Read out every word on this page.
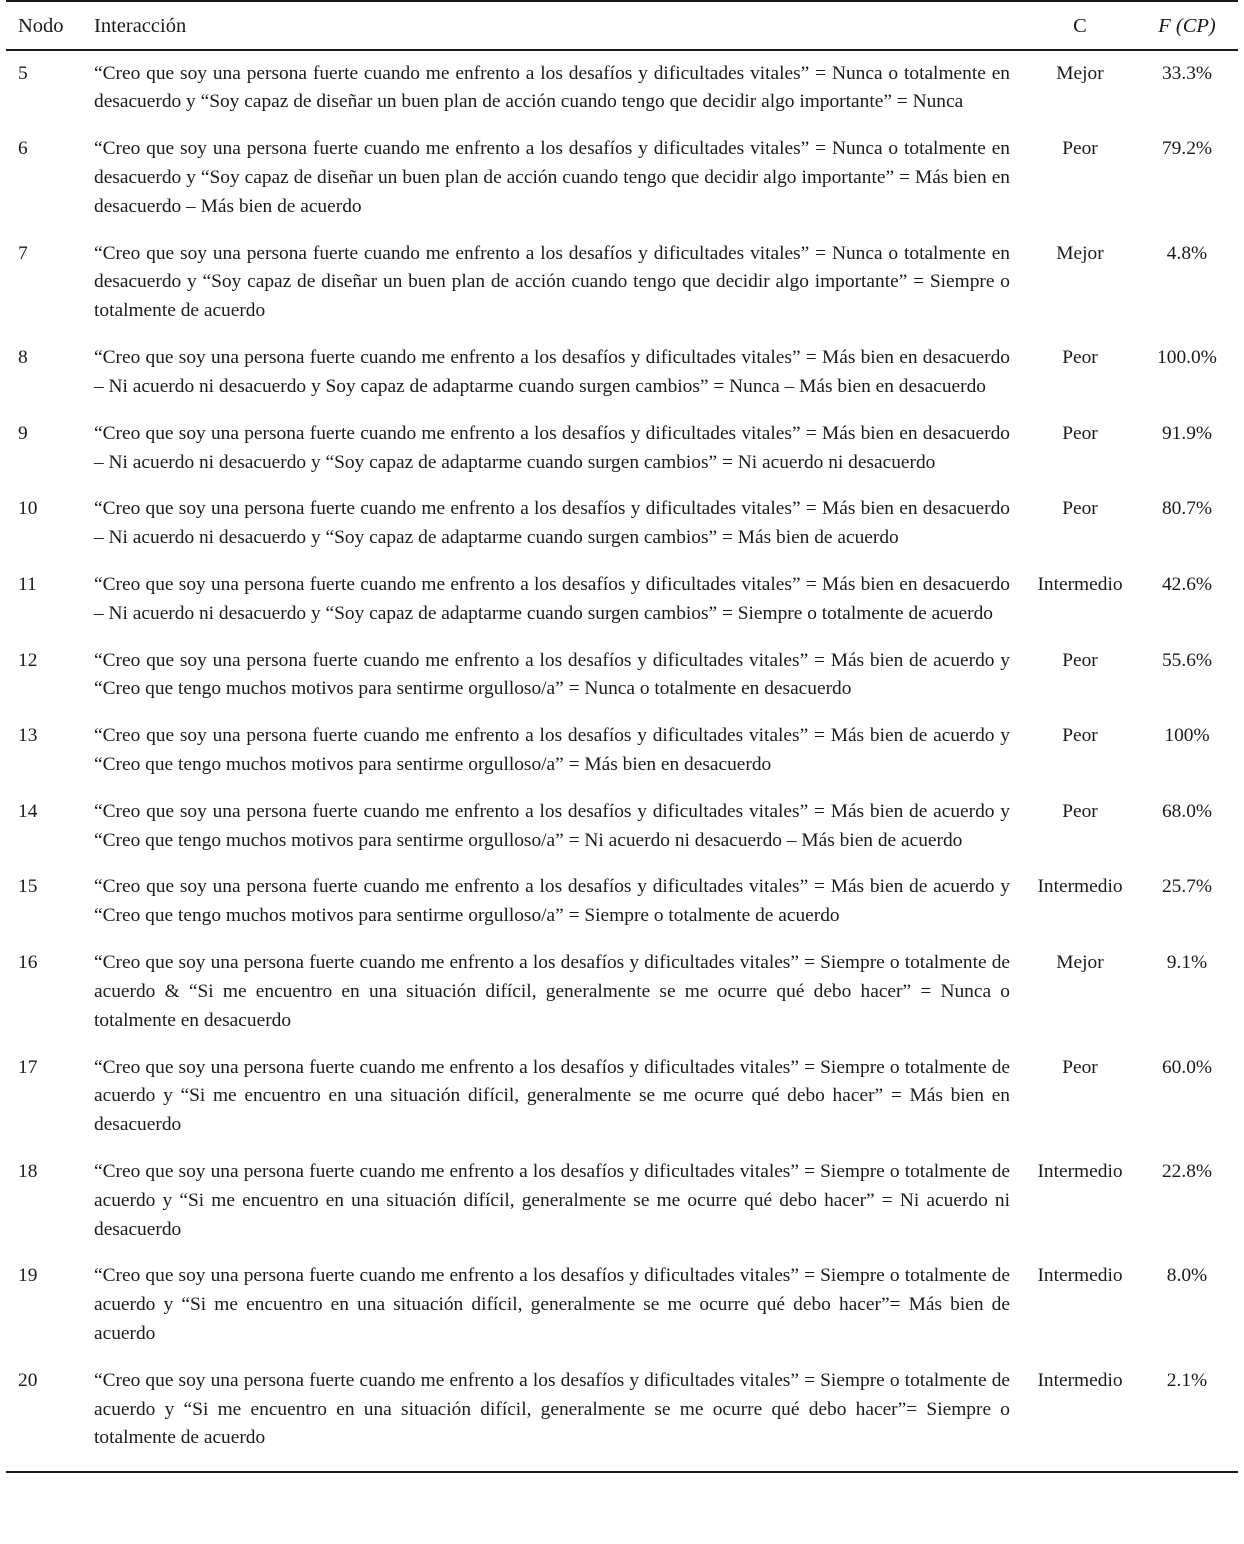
Nodo	Interacción	C	F (CP)
5	“Creo que soy una persona fuerte cuando me enfrento a los desafíos y dificultades vitales” = Nunca o totalmente en desacuerdo y “Soy capaz de diseñar un buen plan de acción cuando tengo que decidir algo importante” = Nunca	Mejor	33.3%
6	“Creo que soy una persona fuerte cuando me enfrento a los desafíos y dificultades vitales” = Nunca o totalmente en desacuerdo y “Soy capaz de diseñar un buen plan de acción cuando tengo que decidir algo importante” = Más bien en desacuerdo – Más bien de acuerdo	Peor	79.2%
7	“Creo que soy una persona fuerte cuando me enfrento a los desafíos y dificultades vitales” = Nunca o totalmente en desacuerdo y “Soy capaz de diseñar un buen plan de acción cuando tengo que decidir algo importante” = Siempre o totalmente de acuerdo	Mejor	4.8%
8	“Creo que soy una persona fuerte cuando me enfrento a los desafíos y dificultades vitales” = Más bien en desacuerdo – Ni acuerdo ni desacuerdo y Soy capaz de adaptarme cuando surgen cambios” = Nunca – Más bien en desacuerdo	Peor	100.0%
9	“Creo que soy una persona fuerte cuando me enfrento a los desafíos y dificultades vitales” = Más bien en desacuerdo – Ni acuerdo ni desacuerdo y “Soy capaz de adaptarme cuando surgen cambios” = Ni acuerdo ni desacuerdo	Peor	91.9%
10	“Creo que soy una persona fuerte cuando me enfrento a los desafíos y dificultades vitales” = Más bien en desacuerdo – Ni acuerdo ni desacuerdo y “Soy capaz de adaptarme cuando surgen cambios” = Más bien de acuerdo	Peor	80.7%
11	“Creo que soy una persona fuerte cuando me enfrento a los desafíos y dificultades vitales” = Más bien en desacuerdo – Ni acuerdo ni desacuerdo y “Soy capaz de adaptarme cuando surgen cambios” = Siempre o totalmente de acuerdo	Intermedio	42.6%
12	“Creo que soy una persona fuerte cuando me enfrento a los desafíos y dificultades vitales” = Más bien de acuerdo y “Creo que tengo muchos motivos para sentirme orgulloso/a” = Nunca o totalmente en desacuerdo	Peor	55.6%
13	“Creo que soy una persona fuerte cuando me enfrento a los desafíos y dificultades vitales” = Más bien de acuerdo y “Creo que tengo muchos motivos para sentirme orgulloso/a” = Más bien en desacuerdo	Peor	100%
14	“Creo que soy una persona fuerte cuando me enfrento a los desafíos y dificultades vitales” = Más bien de acuerdo y “Creo que tengo muchos motivos para sentirme orgulloso/a” = Ni acuerdo ni desacuerdo – Más bien de acuerdo	Peor	68.0%
15	“Creo que soy una persona fuerte cuando me enfrento a los desafíos y dificultades vitales” = Más bien de acuerdo y “Creo que tengo muchos motivos para sentirme orgulloso/a” = Siempre o totalmente de acuerdo	Intermedio	25.7%
16	“Creo que soy una persona fuerte cuando me enfrento a los desafíos y dificultades vitales” = Siempre o totalmente de acuerdo & “Si me encuentro en una situación difícil, generalmente se me ocurre qué debo hacer” = Nunca o totalmente en desacuerdo	Mejor	9.1%
17	“Creo que soy una persona fuerte cuando me enfrento a los desafíos y dificultades vitales” = Siempre o totalmente de acuerdo y “Si me encuentro en una situación difícil, generalmente se me ocurre qué debo hacer” = Más bien en desacuerdo	Peor	60.0%
18	“Creo que soy una persona fuerte cuando me enfrento a los desafíos y dificultades vitales” = Siempre o totalmente de acuerdo y “Si me encuentro en una situación difícil, generalmente se me ocurre qué debo hacer” = Ni acuerdo ni desacuerdo	Intermedio	22.8%
19	“Creo que soy una persona fuerte cuando me enfrento a los desafíos y dificultades vitales” = Siempre o totalmente de acuerdo y “Si me encuentro en una situación difícil, generalmente se me ocurre qué debo hacer”= Más bien de acuerdo	Intermedio	8.0%
20	“Creo que soy una persona fuerte cuando me enfrento a los desafíos y dificultades vitales” = Siempre o totalmente de acuerdo y “Si me encuentro en una situación difícil, generalmente se me ocurre qué debo hacer”= Siempre o totalmente de acuerdo	Intermedio	2.1%
